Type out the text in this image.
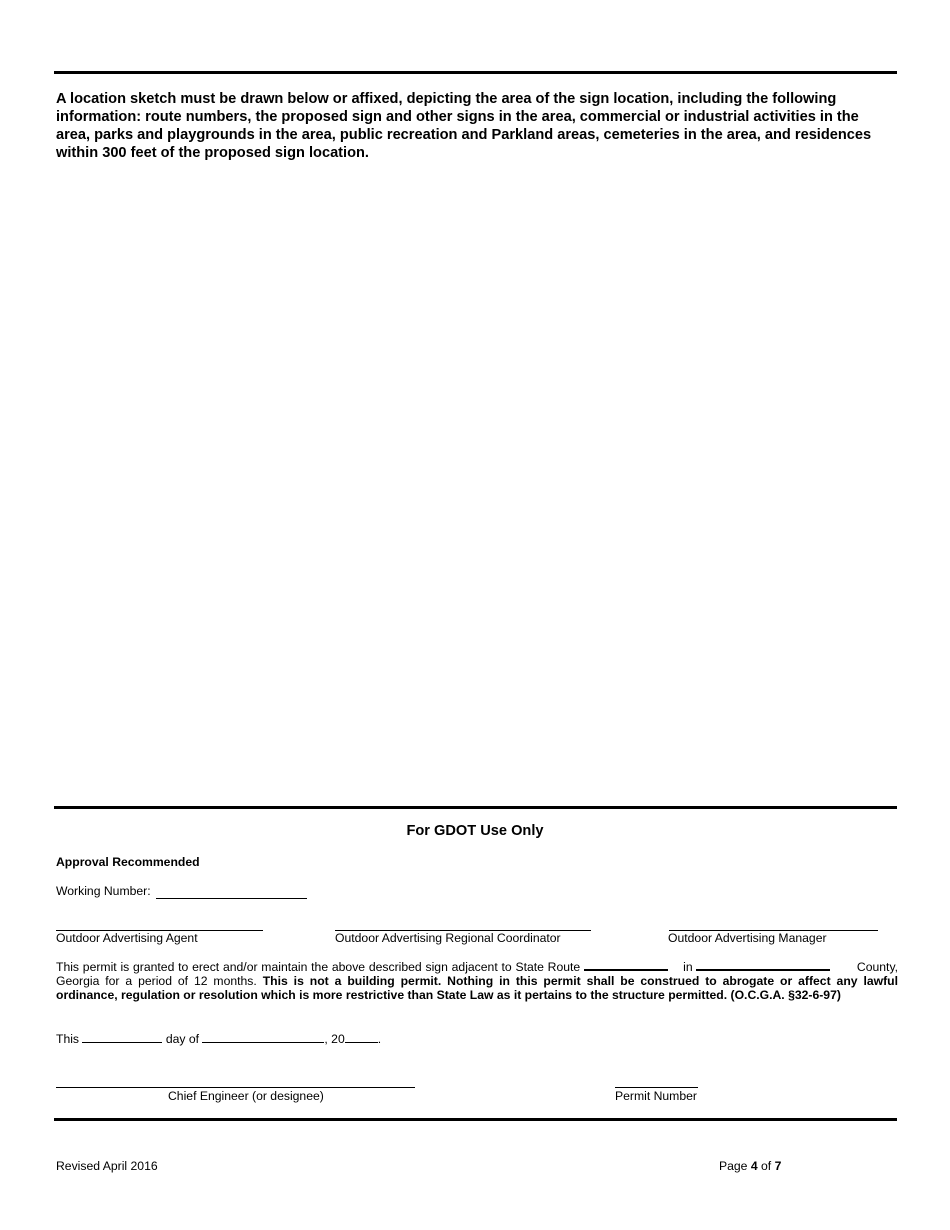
A location sketch must be drawn below or affixed, depicting the area of the sign location, including the following information: route numbers, the proposed sign and other signs in the area, commercial or industrial activities in the area, parks and playgrounds in the area, public recreation and Parkland areas, cemeteries in the area, and residences within 300 feet of the proposed sign location.
For GDOT Use Only
Approval Recommended
Working Number:
Outdoor Advertising Agent	Outdoor Advertising Regional Coordinator	Outdoor Advertising Manager
This permit is granted to erect and/or maintain the above described sign adjacent to State Route	in	County, Georgia for a period of 12 months. This is not a building permit. Nothing in this permit shall be construed to abrogate or affect any lawful ordinance, regulation or resolution which is more restrictive than State Law as it pertains to the structure permitted. (O.C.G.A. §32-6-97)
This	day of	, 20	.
Chief Engineer (or designee)	Permit Number
Revised April 2016	Page 4 of 7
